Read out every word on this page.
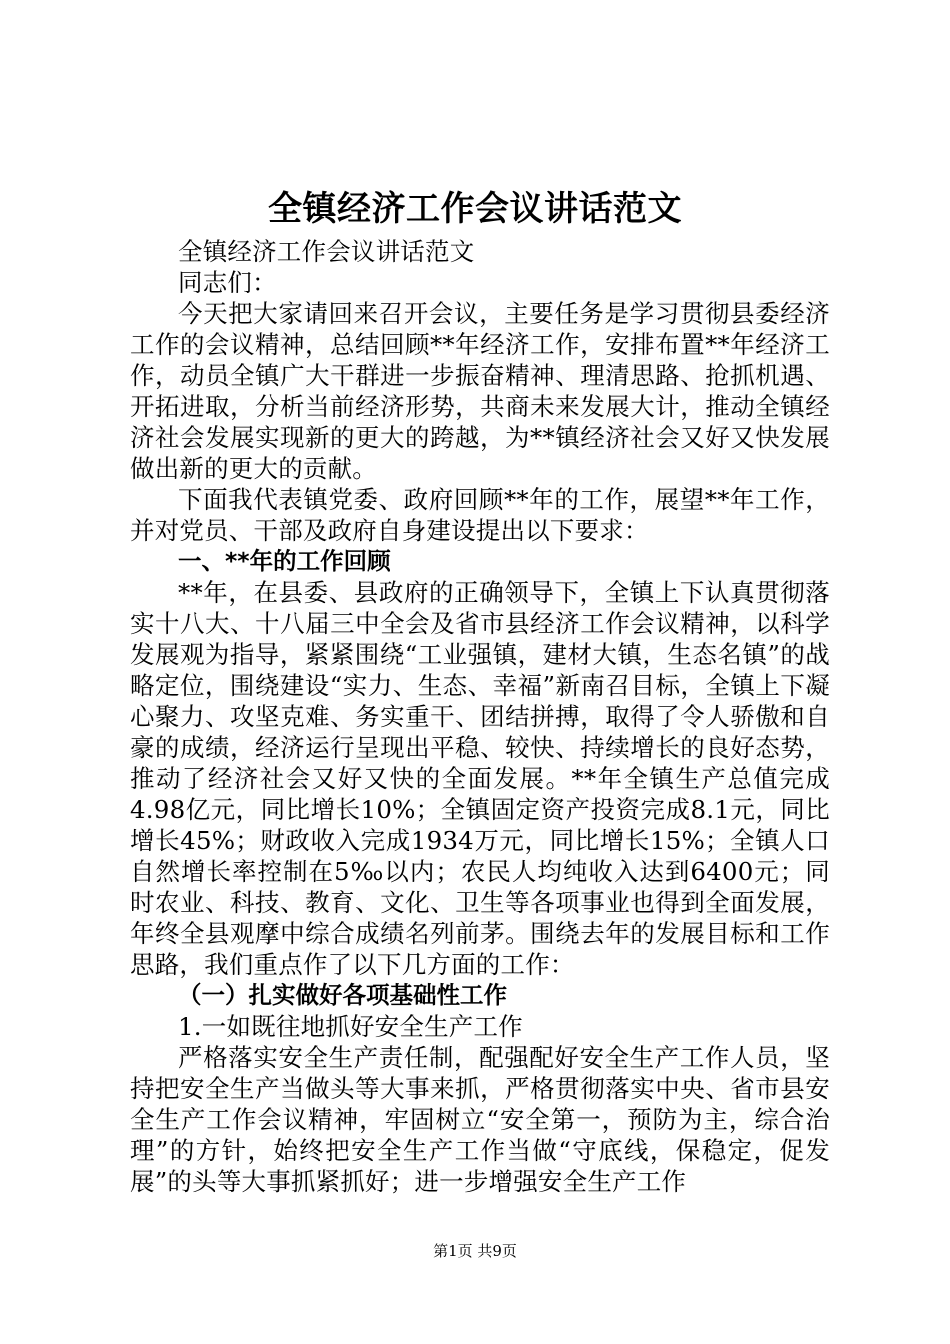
全镇经济工作会议讲话范文

全镇经济工作会议讲话范文

同志们：

今天把大家请回来召开会议，主要任务是学习贯彻县委经济工作的会议精神，总结回顾**年经济工作，安排布置**年经济工作，动员全镇广大干群进一步振奋精神、理清思路、抢抓机遇、开拓进取，分析当前经济形势，共商未来发展大计，推动全镇经济社会发展实现新的更大的跨越，为**镇经济社会又好又快发展做出新的更大的贡献。

下面我代表镇党委、政府回顾**年的工作，展望**年工作，并对党员、干部及政府自身建设提出以下要求：

一、**年的工作回顾

**年，在县委、县政府的正确领导下，全镇上下认真贯彻落实十八大、十八届三中全会及省市县经济工作会议精神，以科学发展观为指导，紧紧围绕“工业强镇，建材大镇，生态名镇”的战略定位，围绕建设“实力、生态、幸福”新南召目标，全镇上下凝心聚力、攻坚克难、务实重干、团结拼搏，取得了令人骄傲和自豪的成绩，经济运行呈现出平稳、较快、持续增长的良好态势，推动了经济社会又好又快的全面发展。**年全镇生产总值完成4.98亿元，同比增长10%；全镇固定资产投资完成8.1元，同比增长45%；财政收入完成1934万元，同比增长15%；全镇人口自然增长率控制在5‰以内；农民人均纯收入达到6400元；同时农业、科技、教育、文化、卫生等各项事业也得到全面发展，年终全县观摩中综合成绩名列前茅。围绕去年的发展目标和工作思路，我们重点作了以下几方面的工作：

（一）扎实做好各项基础性工作

1.一如既往地抓好安全生产工作

严格落实安全生产责任制，配强配好安全生产工作人员，坚持把安全生产当做头等大事来抓，严格贯彻落实中央、省市县安全生产工作会议精神，牢固树立“安全第一，预防为主，综合治理”的方针，始终把安全生产工作当做“守底线，保稳定，促发展”的头等大事抓紧抓好；进一步增强安全生产工作

第1页 共9页
